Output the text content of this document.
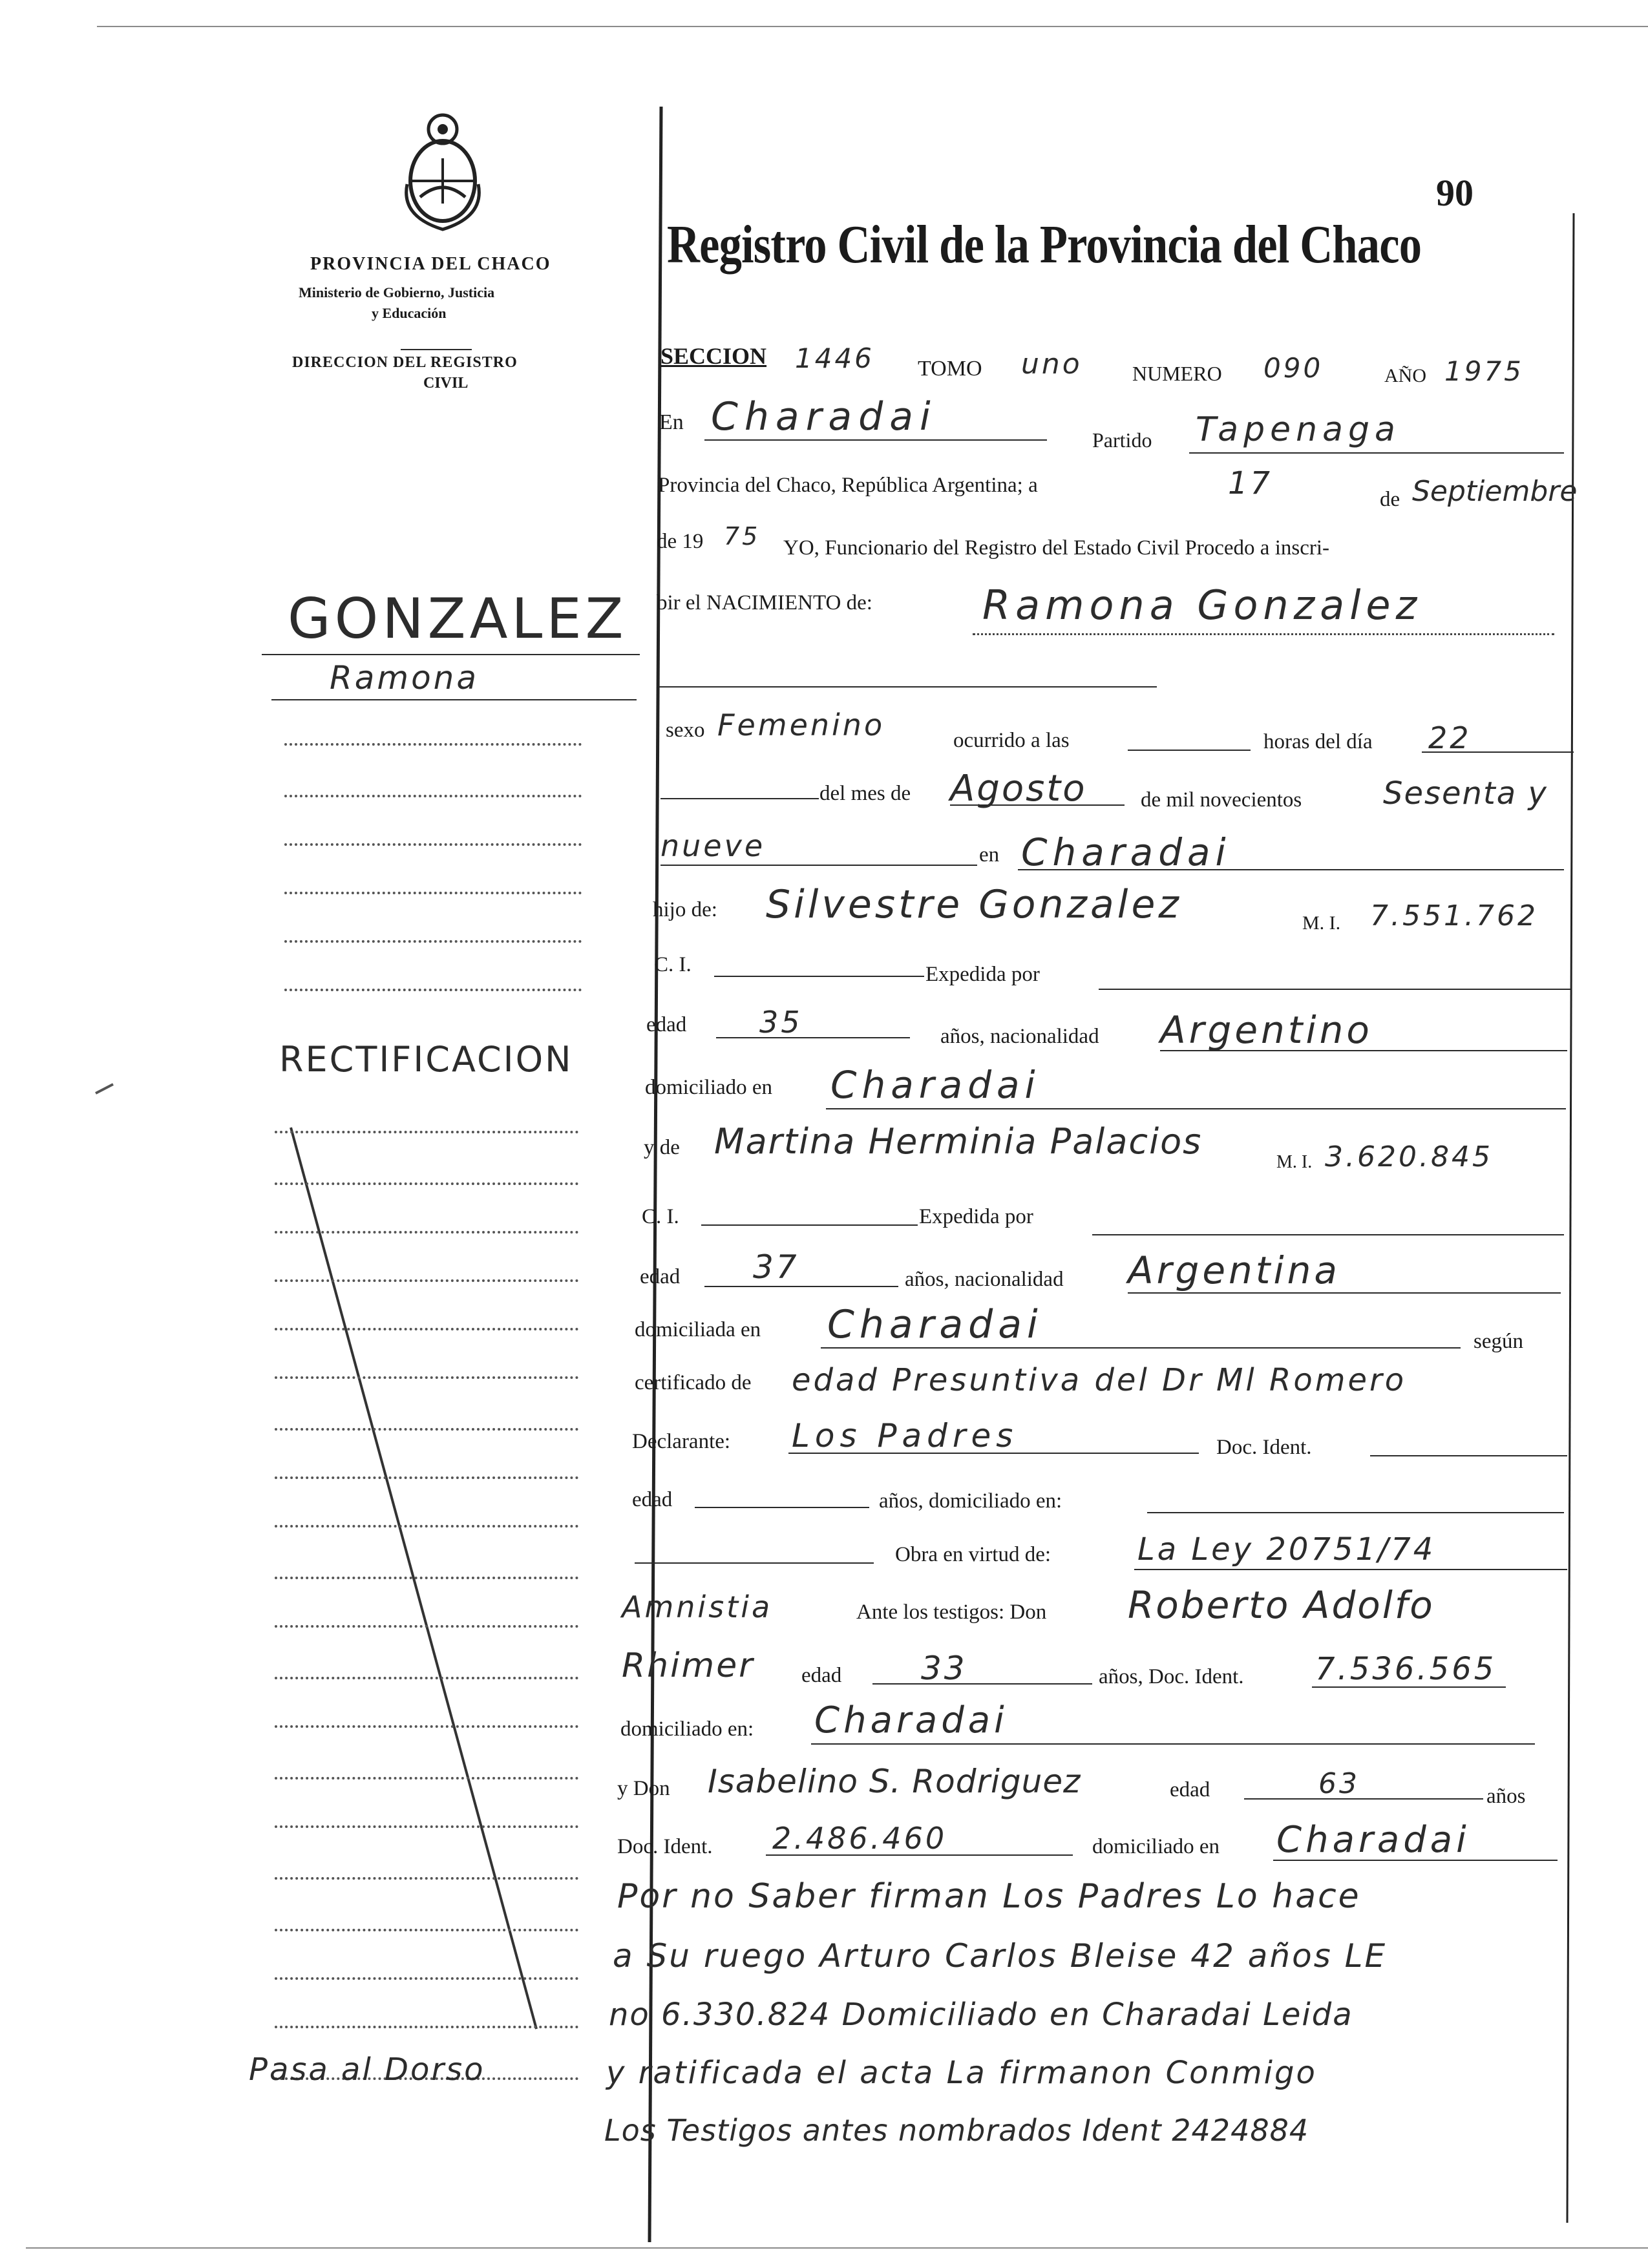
PROVINCIA DEL CHACO
Ministerio de Gobierno, Justicia
y Educación
DIRECCION DEL REGISTRO
CIVIL
90
Registro Civil de la Provincia del Chaco
GONZALEZ
Ramona
RECTIFICACION
Pasa al Dorso
SECCION 1446 TOMO uno NUMERO 090	AÑO 1975
En Charadai
Partido Tapenaga
Provincia del Chaco, República Argentina; a	17	de Septiembre
de 19 75 YO, Funcionario del Registro del Estado Civil Procedo a inscri-
bir el NACIMIENTO de:	Ramona Gonzalez
sexo Femenino	ocurrido a las	horas del día 22
del mes de Agosto	de mil novecientos	Sesenta y
nueve	en Charadai
hijo de: Silvestre Gonzalez	M. I. 7.551.762
C. I.	Expedida por
edad 35	años, nacionalidad Argentino
domiciliado en Charadai
y de Martina Herminia Palacios
M. I. 3.620.845
C. I.	Expedida por
edad 37	años, nacionalidad Argentina
domiciliada en Charadai	según
certificado de edad Presuntiva del Dr Ml Romero
Declarante: Los Padres	Doc. Ident.
edad	años, domiciliado en:
Obra en virtud de:	La Ley 20751/74
Amnistia	Ante los testigos: Don Roberto Adolfo
Rhimer edad 33	años, Doc. Ident. 7.536.565
domiciliado en: Charadai
y Don Isabelino S. Rodriguez	edad	63	años
Doc. Ident. 2.486.460	domiciliado en Charadai
Por no Saber firman Los Padres Lo hace
a Su ruego Arturo Carlos Bleise 42 años LE
no 6.330.824 Domiciliado en Charadai Leida
y ratificada el acta La firmanon Conmigo
Los Testigos antes nombrados Ident 2424884
